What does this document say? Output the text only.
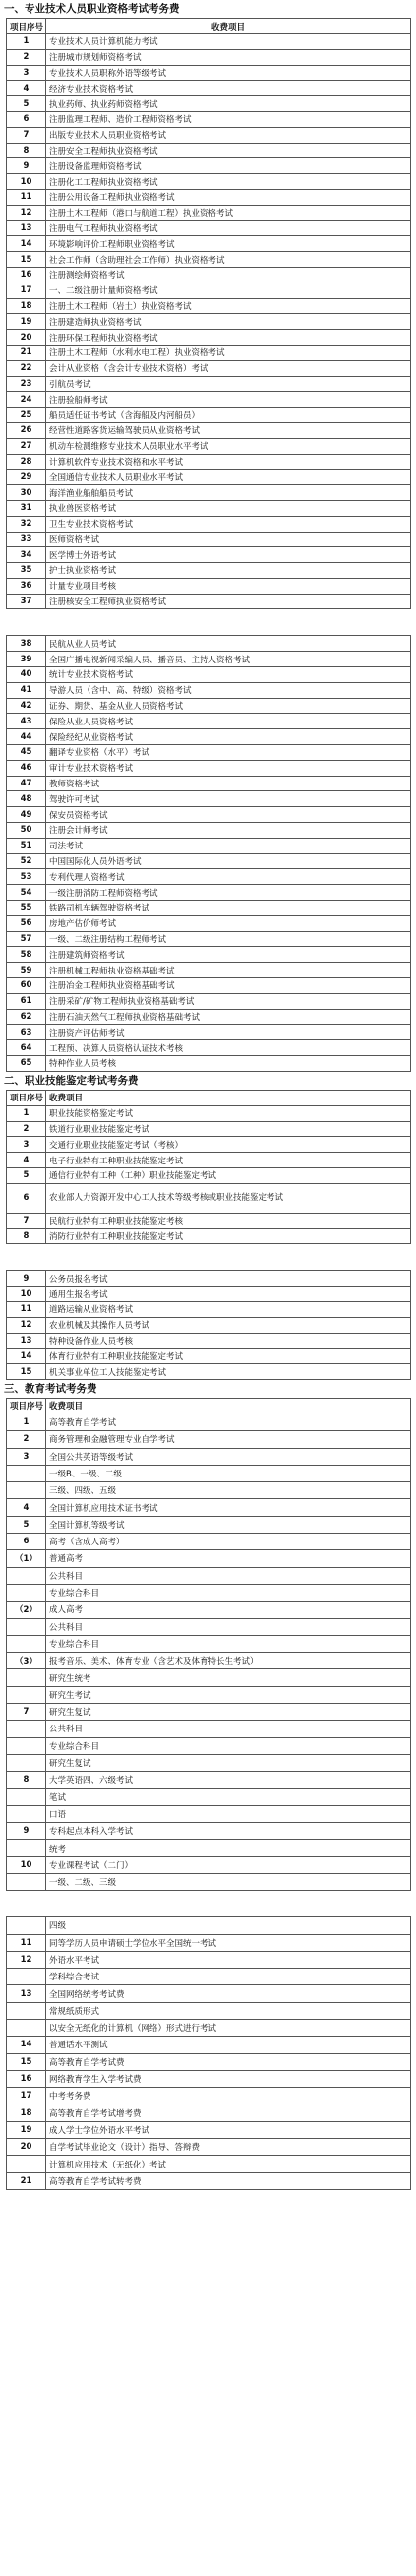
一、专业技术人员职业资格考试考务费
项目序号	收费项目
1	专业技术人员计算机能力考试
2	注册城市规划师资格考试
3	专业技术人员职称外语等级考试
4	经济专业技术资格考试
5	执业药师、执业药师资格考试
6	注册监理工程师、造价工程师资格考试
7	出版专业技术人员职业资格考试
8	注册安全工程师执业资格考试
9	注册设备监理师资格考试
10	注册化工工程师执业资格考试
11	注册公用设备工程师执业资格考试
12	注册土木工程师（港口与航道工程）执业资格考试
13	注册电气工程师执业资格考试
14	环境影响评价工程师职业资格考试
15	社会工作师（含助理社会工作师）执业资格考试
16	注册测绘师资格考试
17	一、二级注册计量师资格考试
18	注册土木工程师（岩土）执业资格考试
19	注册建造师执业资格考试
20	注册环保工程师执业资格考试
21	注册土木工程师（水利水电工程）执业资格考试
22	会计从业资格（含会计专业技术资格）考试
23	引航员考试
24	注册验船师考试
25	船员适任证书考试（含海船及内河船员）
26	经营性道路客货运输驾驶员从业资格考试
27	机动车检测维修专业技术人员职业水平考试
28	计算机软件专业技术资格和水平考试
29	全国通信专业技术人员职业水平考试
30	海洋渔业船舶船员考试
31	执业兽医资格考试
32	卫生专业技术资格考试
33	医师资格考试
34	医学博士外语考试
35	护士执业资格考试
36	计量专业项目考核
37	注册核安全工程师执业资格考试
38	民航从业人员考试
39	全国广播电视新闻采编人员、播音员、主持人资格考试
40	统计专业技术资格考试
41	导游人员（含中、高、特级）资格考试
42	证券、期货、基金从业人员资格考试
43	保险从业人员资格考试
44	保险经纪从业资格考试
45	翻译专业资格（水平）考试
46	审计专业技术资格考试
47	教师资格考试
48	驾驶许可考试
49	保安员资格考试
50	注册会计师考试
51	司法考试
52	中国国际化人员外语考试
53	专利代理人资格考试
54	一级注册消防工程师资格考试
55	铁路司机车辆驾驶资格考试
56	房地产估价师考试
57	一级、二级注册结构工程师考试
58	注册建筑师资格考试
59	注册机械工程师执业资格基础考试
60	注册冶金工程师执业资格基础考试
61	注册采矿/矿物工程师执业资格基础考试
62	注册石油天然气工程师执业资格基础考试
63	注册资产评估师考试
64	工程预、决算人员资格认证技术考核
65	特种作业人员考核
二、职业技能鉴定考试考务费
项目序号	收费项目
1	职业技能资格鉴定考试
2	铁道行业职业技能鉴定考试
3	交通行业职业技能鉴定考试（考核）
4	电子行业特有工种职业技能鉴定考试
5	通信行业特有工种（工种）职业技能鉴定考试
6	农业部人力资源开发中心工人技术等级考核或职业技能鉴定考试
7	民航行业特有工种职业技能鉴定考核
8	消防行业特有工种职业技能鉴定考试
9	公务员报名考试
10	通用生报名考试
11	道路运输从业资格考试
12	农业机械及其操作人员考试
13	特种设备作业人员考核
14	体育行业特有工种职业技能鉴定考试
15	机关事业单位工人技能鉴定考试
三、教育考试考务费
项目序号	收费项目
1	高等教育自学考试
2	商务管理和金融管理专业自学考试
3	全国公共英语等级考试
	一级B、一级、二级
	三级、四级、五级
4	全国计算机应用技术证书考试
5	全国计算机等级考试
6	高考（含成人高考）
（1）	普通高考
	公共科目
	专业综合科目
（2）	成人高考
	公共科目
	专业综合科目
（3）	报考音乐、美术、体育专业（含艺术及体育特长生考试）
	研究生统考
	研究生考试
7	研究生复试
	公共科目
	专业综合科目
	研究生复试
8	大学英语四、六级考试
	笔试
	口语
9	专科起点本科入学考试
	统考
10	专业课程考试（二门）
	一级、二级、三级
	四级
11	同等学历人员申请硕士学位水平全国统一考试
12	外语水平考试
	学科综合考试
13	全国网络统考考试费
	常规纸质形式
	以安全无纸化的计算机（网络）形式进行考试
14	普通话水平测试
15	高等教育自学考试费
16	网络教育学生入学考试费
17	中考考务费
18	高等教育自学考试增考费
19	成人学士学位外语水平考试
20	自学考试毕业论文（设计）指导、答辩费
	计算机应用技术（无纸化）考试
21	高等教育自学考试转考费
